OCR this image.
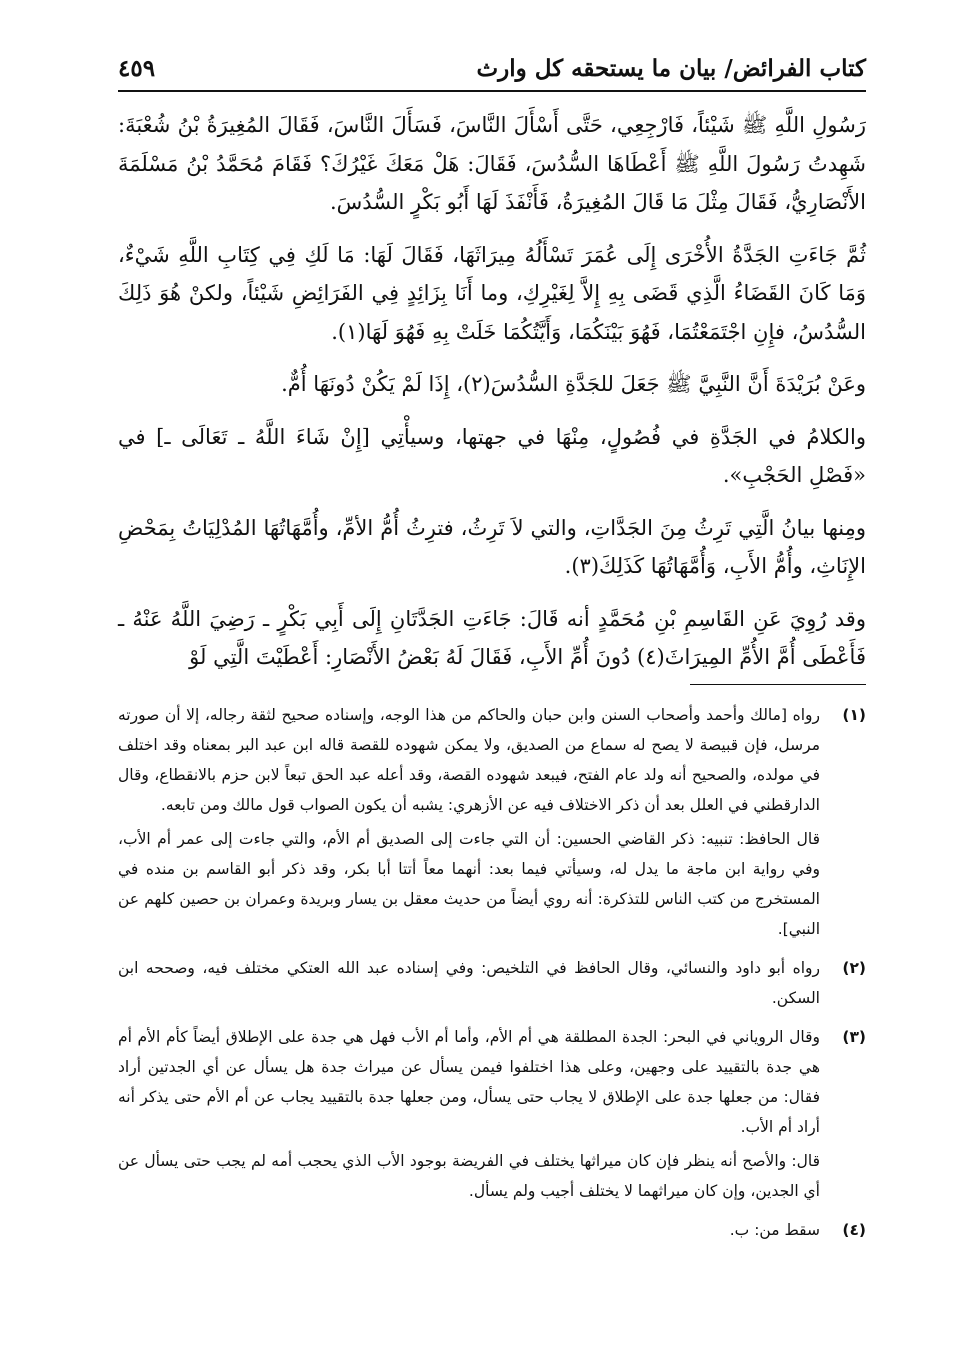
٤٥٩	كتاب الفرائض/ بيان ما يستحقه كل وارث

رَسُولِ اللَّهِ ﷺ شَيْئاً، فَارْجِعِي، حَتَّى أَسْأَلَ النَّاسَ، فَسَأَلَ النَّاسَ، فَقَالَ المُغِيرَةُ بْنُ شُعْبَةَ: شَهِدتُ رَسُولَ اللَّهِ ﷺ أَعْطَاهَا السُّدُسَ، فَقَالَ: هَلْ مَعَكَ غَيْرُكَ؟ فَقَامَ مُحَمَّدُ بْنُ مَسْلَمَةَ الأَنْصَارِيُّ، فَقَالَ مِثْلَ مَا قَالَ المُغِيرَةُ، فَأَنْفَذَ لَهَا أَبُو بَكْرٍ السُّدُسَ.

ثُمَّ جَاءَتِ الجَدَّةُ الأُخْرَى إِلَى عُمَرَ تَسْأَلُهُ مِيرَاثَهَا، فَقَالَ لَهَا: مَا لَكِ فِي كِتَابِ اللَّهِ شَيْءٌ، وَمَا كَانَ القَضَاءُ الَّذِي قَضَى بِهِ إِلاَّ لِغَيْرِكِ، وما أَنَا بِزَائِدٍ فِي الفَرَائِضِ شَيْئاً، ولكنْ هُوَ ذَلِكَ السُّدُسُ، فإِنِ اجْتَمَعْتُمَا، فَهُوَ بَيْنَكُمَا، وَأَيَّتُكُمَا خَلَتْ بِهِ فَهُوَ لَهَا(١).

وعَنْ بُرَيْدَةَ أَنَّ النَّبِيَّ ﷺ جَعَلَ للجَدَّةِ السُّدُسَ(٢)، إِذَا لَمْ يَكُنْ دُونَهَا أُمٌّ.

والكلامُ في الجَدَّةِ في فُصُولٍ، مِنْهَا في جهتها، وسيأْتِي [إِنْ شَاءَ اللَّهُ ـ تَعَالَى ـ] في «فَصْلِ الحَجْبِ».

ومِنها بيانُ الَّتِي تَرِثُ مِنَ الجَدَّاتِ، والتي لاَ تَرِثُ، فترِثُ أُمُّ الأمِّ، وأُمَّهَاتُهَا المُدْلِيَاتُ بِمَحْضِ الإِنَاثِ، وأُمُّ الأَبِ، وَأُمَّهَاتُهَا كَذَلِكَ(٣).

وقد رُوِيَ عَنِ القَاسِمِ بْنِ مُحَمَّدٍ أنه قَالَ: جَاءَتِ الجَدَّتَانِ إِلَى أَبِي بَكْرٍ ـ رَضِيَ اللَّهُ عَنْهُ ـ فَأَعْطَى أُمَّ الأُمِّ المِيرَاثَ(٤) دُونَ أُمِّ الأَبِ، فَقَالَ لَهُ بَعْضُ الأَنْصَارِ: أَعْطَيْتَ الَّتِي لَوْ

(١)

رواه [مالك وأحمد وأصحاب السنن وابن حبان والحاكم من هذا الوجه، وإسناده صحيح لثقة رجاله، إلا أن صورته مرسل، فإن قبيصة لا يصح له سماع من الصديق، ولا يمكن شهوده للقصة قاله ابن عبد البر بمعناه وقد اختلف في مولده، والصحيح أنه ولد عام الفتح، فيبعد شهوده القصة، وقد أعله عبد الحق تبعاً لابن حزم بالانقطاع، وقال الدارقطني في العلل بعد أن ذكر الاختلاف فيه عن الأزهري: يشبه أن يكون الصواب قول مالك ومن تابعه.

قال الحافظ: تنبيه: ذكر القاضي الحسين: أن التي جاءت إلى الصديق أم الأم، والتي جاءت إلى عمر أم الأب، وفي رواية ابن ماجة ما يدل له، وسيأتي فيما بعد: أنهما معاً أتتا أبا بكر، وقد ذكر أبو القاسم بن منده في المستخرج من كتب الناس للتذكرة: أنه روي أيضاً من حديث معقل بن يسار وبريدة وعمران بن حصين كلهم عن النبي].

(٢)

رواه أبو داود والنسائي، وقال الحافظ في التلخيص: وفي إسناده عبد الله العتكي مختلف فيه، وصححه ابن السكن.

(٣)

وقال الروياني في البحر: الجدة المطلقة هي أم الأم، وأما أم الأب فهل هي جدة على الإطلاق أيضاً كأم الأم أم هي جدة بالتقييد على وجهين، وعلى هذا اختلفوا فيمن يسأل عن ميراث جدة هل يسأل عن أي الجدتين أراد فقال: من جعلها جدة على الإطلاق لا يجاب حتى يسأل، ومن جعلها جدة بالتقييد يجاب عن أم الأم حتى يذكر أنه أراد أم الأب.

قال: والأصح أنه ينظر فإن كان ميراثها يختلف في الفريضة بوجود الأب الذي يحجب أمه لم يجب حتى يسأل عن أي الجدين، وإن كان ميراثهما لا يختلف أجيب ولم يسأل.

(٤)

سقط من: ب.
